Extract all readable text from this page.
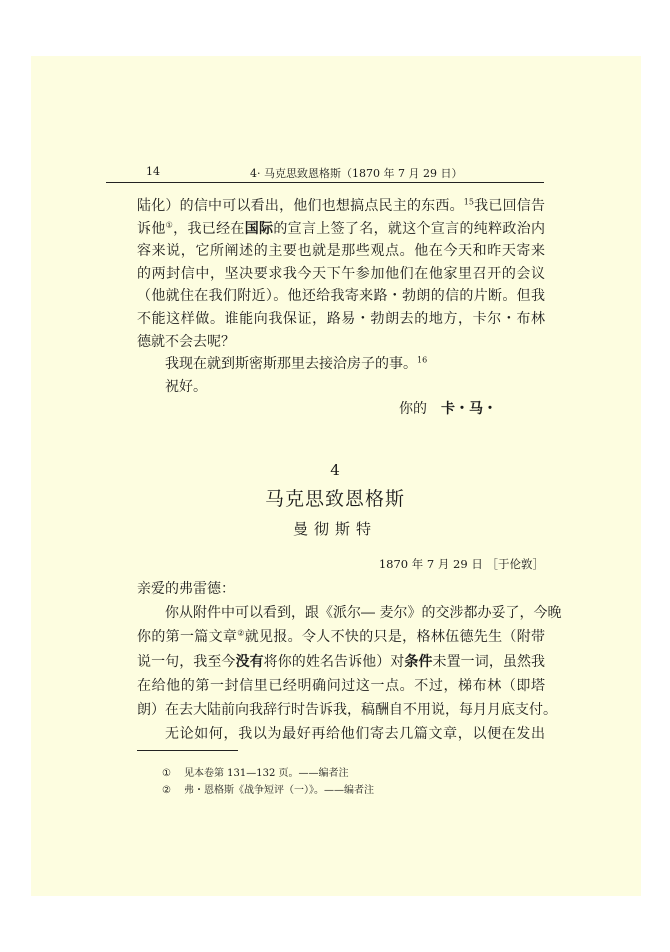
14	4· 马克思致恩格斯（1870 年 7 月 29 日）
陆化）的信中可以看出，他们也想搞点民主的东西。$^{15}$我已回信告
诉他①，我已经在国际的宣言上签了名，就这个宣言的纯粹政治内
容来说，它所阐述的主要也就是那些观点。他在今天和昨天寄来
的两封信中，坚决要求我今天下午参加他们在他家里召开的会议
（他就住在我们附近）。他还给我寄来路・勃朗的信的片断。但我
不能这样做。谁能向我保证，路易・勃朗去的地方，卡尔・布林
德就不会去呢？
我现在就到斯密斯那里去接洽房子的事。$^{16}$
祝好。
你的 卡・马・
4
马克思致恩格斯
曼彻斯特
1870 年 7 月 29 日 ［于伦敦］
亲爱的弗雷德：
你从附件中可以看到，跟《派尔― 麦尔》的交涉都办妥了，今晚
你的第一篇文章②就见报。令人不快的只是，格林伍德先生（附带
说一句，我至今没有将你的姓名告诉他）对条件未置一词，虽然我
在给他的第一封信里已经明确问过这一点。不过，梯布林（即塔
朗）在去大陆前向我辞行时告诉我，稿酬自不用说，每月月底支付。
无论如何，我以为最好再给他们寄去几篇文章，以便在发出
① 见本卷第 131—132 页。——编者注
② 弗・恩格斯《战争短评（一）》。——编者注
